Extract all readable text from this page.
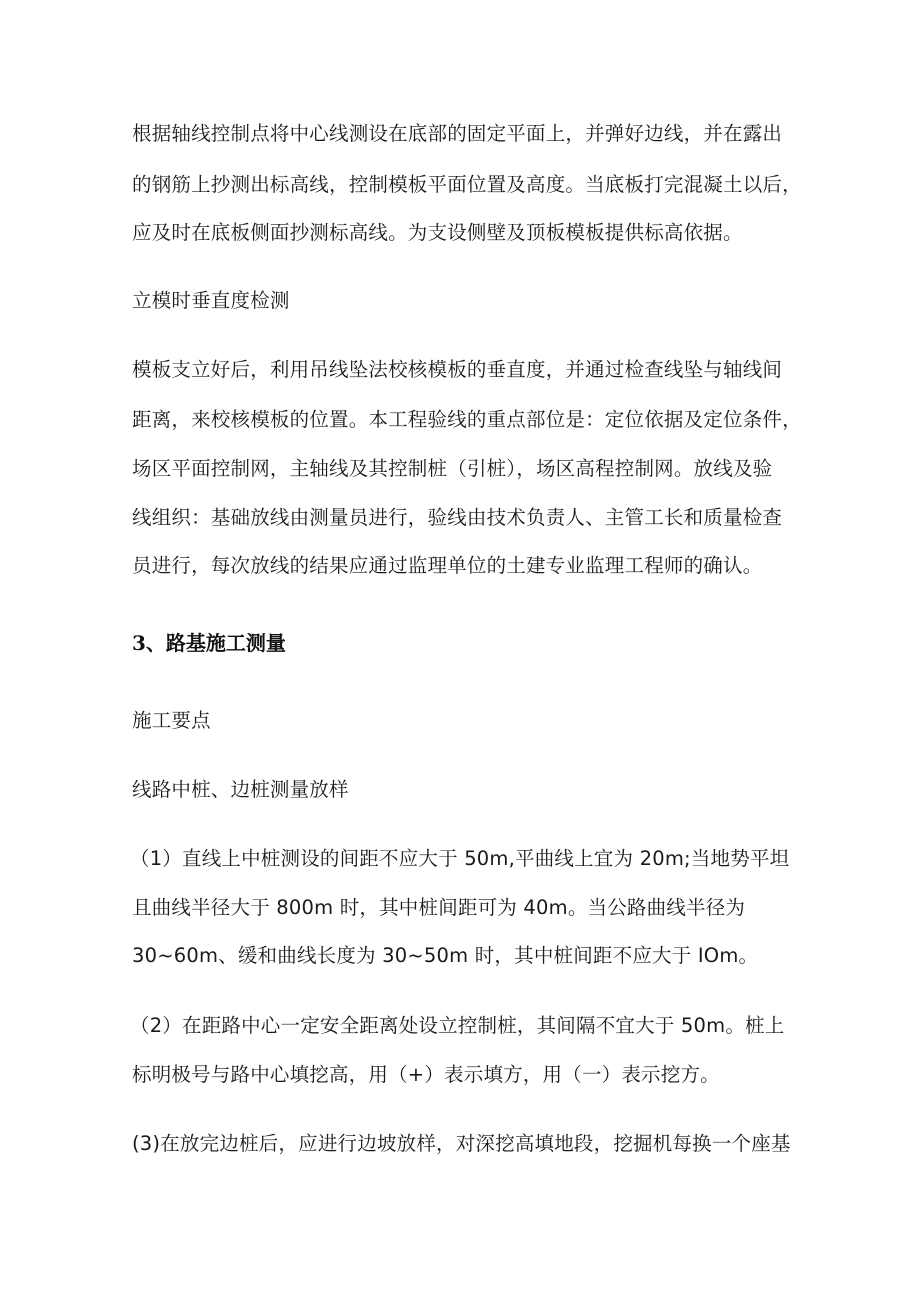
根据轴线控制点将中心线测设在底部的固定平面上，并弹好边线，并在露出
的钢筋上抄测出标高线，控制模板平面位置及高度。当底板打完混凝土以后，
应及时在底板侧面抄测标高线。为支设侧壁及顶板模板提供标高依据。
立模时垂直度检测
模板支立好后，利用吊线坠法校核模板的垂直度，并通过检查线坠与轴线间
距离，来校核模板的位置。本工程验线的重点部位是：定位依据及定位条件，
场区平面控制网，主轴线及其控制桩（引桩），场区高程控制网。放线及验
线组织：基础放线由测量员进行，验线由技术负责人、主管工长和质量检查
员进行，每次放线的结果应通过监理单位的土建专业监理工程师的确认。
3、路基施工测量
施工要点
线路中桩、边桩测量放样
（1）直线上中桩测设的间距不应大于 50m,平曲线上宜为 20m;当地势平坦
且曲线半径大于 800m 时，其中桩间距可为 40m。当公路曲线半径为
30~60m、缓和曲线长度为 30~50m 时，其中桩间距不应大于 IOm。
（2）在距路中心一定安全距离处设立控制桩，其间隔不宜大于 50m。桩上
标明极号与路中心填挖高，用（+）表示填方，用（一）表示挖方。
(3)在放完边桩后，应进行边坡放样，对深挖高填地段，挖掘机每换一个座基
